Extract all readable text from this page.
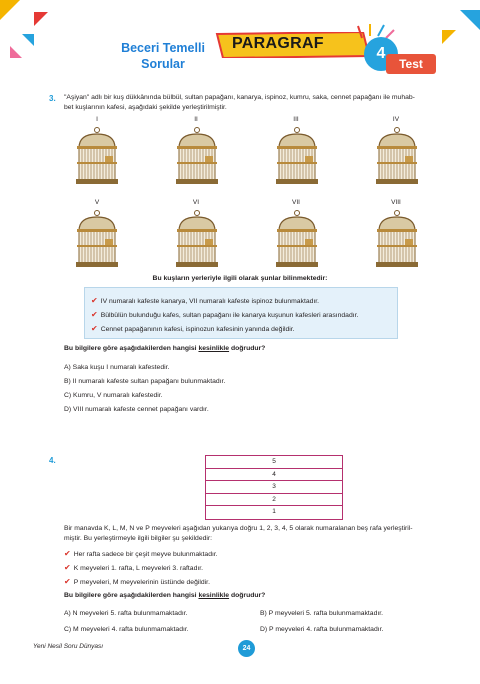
Beceri Temelli
Sorular
PARAGRAF
4
Test
3. "Aşiyan" adlı bir kuş dükkânında bülbül, sultan papağanı, kanarya, ispinoz, kumru, saka, cennet papağanı ile muhab-
bet kuşlarının kafesi, aşağıdaki şekilde yerleştirilmiştir.
I	II	III	IV
V	VI	VII	VIII
Bu kuşların yerleriyle ilgili olarak şunlar bilinmektedir:
✔ IV numaralı kafeste kanarya, VII numaralı kafeste ispinoz bulunmaktadır.
✔ Bülbülün bulunduğu kafes, sultan papağanı ile kanarya kuşunun kafesleri arasındadır.
✔ Cennet papağanının kafesi, ispinozun kafesinin yanında değildir.
Bu bilgilere göre aşağıdakilerden hangisi kesinlikle doğrudur?
A) Saka kuşu I numaralı kafestedir.
B) II numaralı kafeste sultan papağanı bulunmaktadır.
C) Kumru, V numaralı kafestedir.
D) VIII numaralı kafeste cennet papağanı vardır.
4.	5
4
3
2
1
Bir manavda K, L, M, N ve P meyveleri aşağıdan yukarıya doğru 1, 2, 3, 4, 5 olarak numaralanan beş rafa yerleştiril-
miştir. Bu yerleştirmeyle ilgili bilgiler şu şekildedir:
✔ Her rafta sadece bir çeşit meyve bulunmaktadır.
✔ K meyveleri 1. rafta, L meyveleri 3. raftadır.
✔ P meyveleri, M meyvelerinin üstünde değildir.
Bu bilgilere göre aşağıdakilerden hangisi kesinlikle doğrudur?
A) N meyveleri 5. rafta bulunmamaktadır.	B) P meyveleri 5. rafta bulunmamaktadır.
C) M meyveleri 4. rafta bulunmamaktadır.	D) P meyveleri 4. rafta bulunmamaktadır.
Yeni Nesil Soru Dünyası	24
